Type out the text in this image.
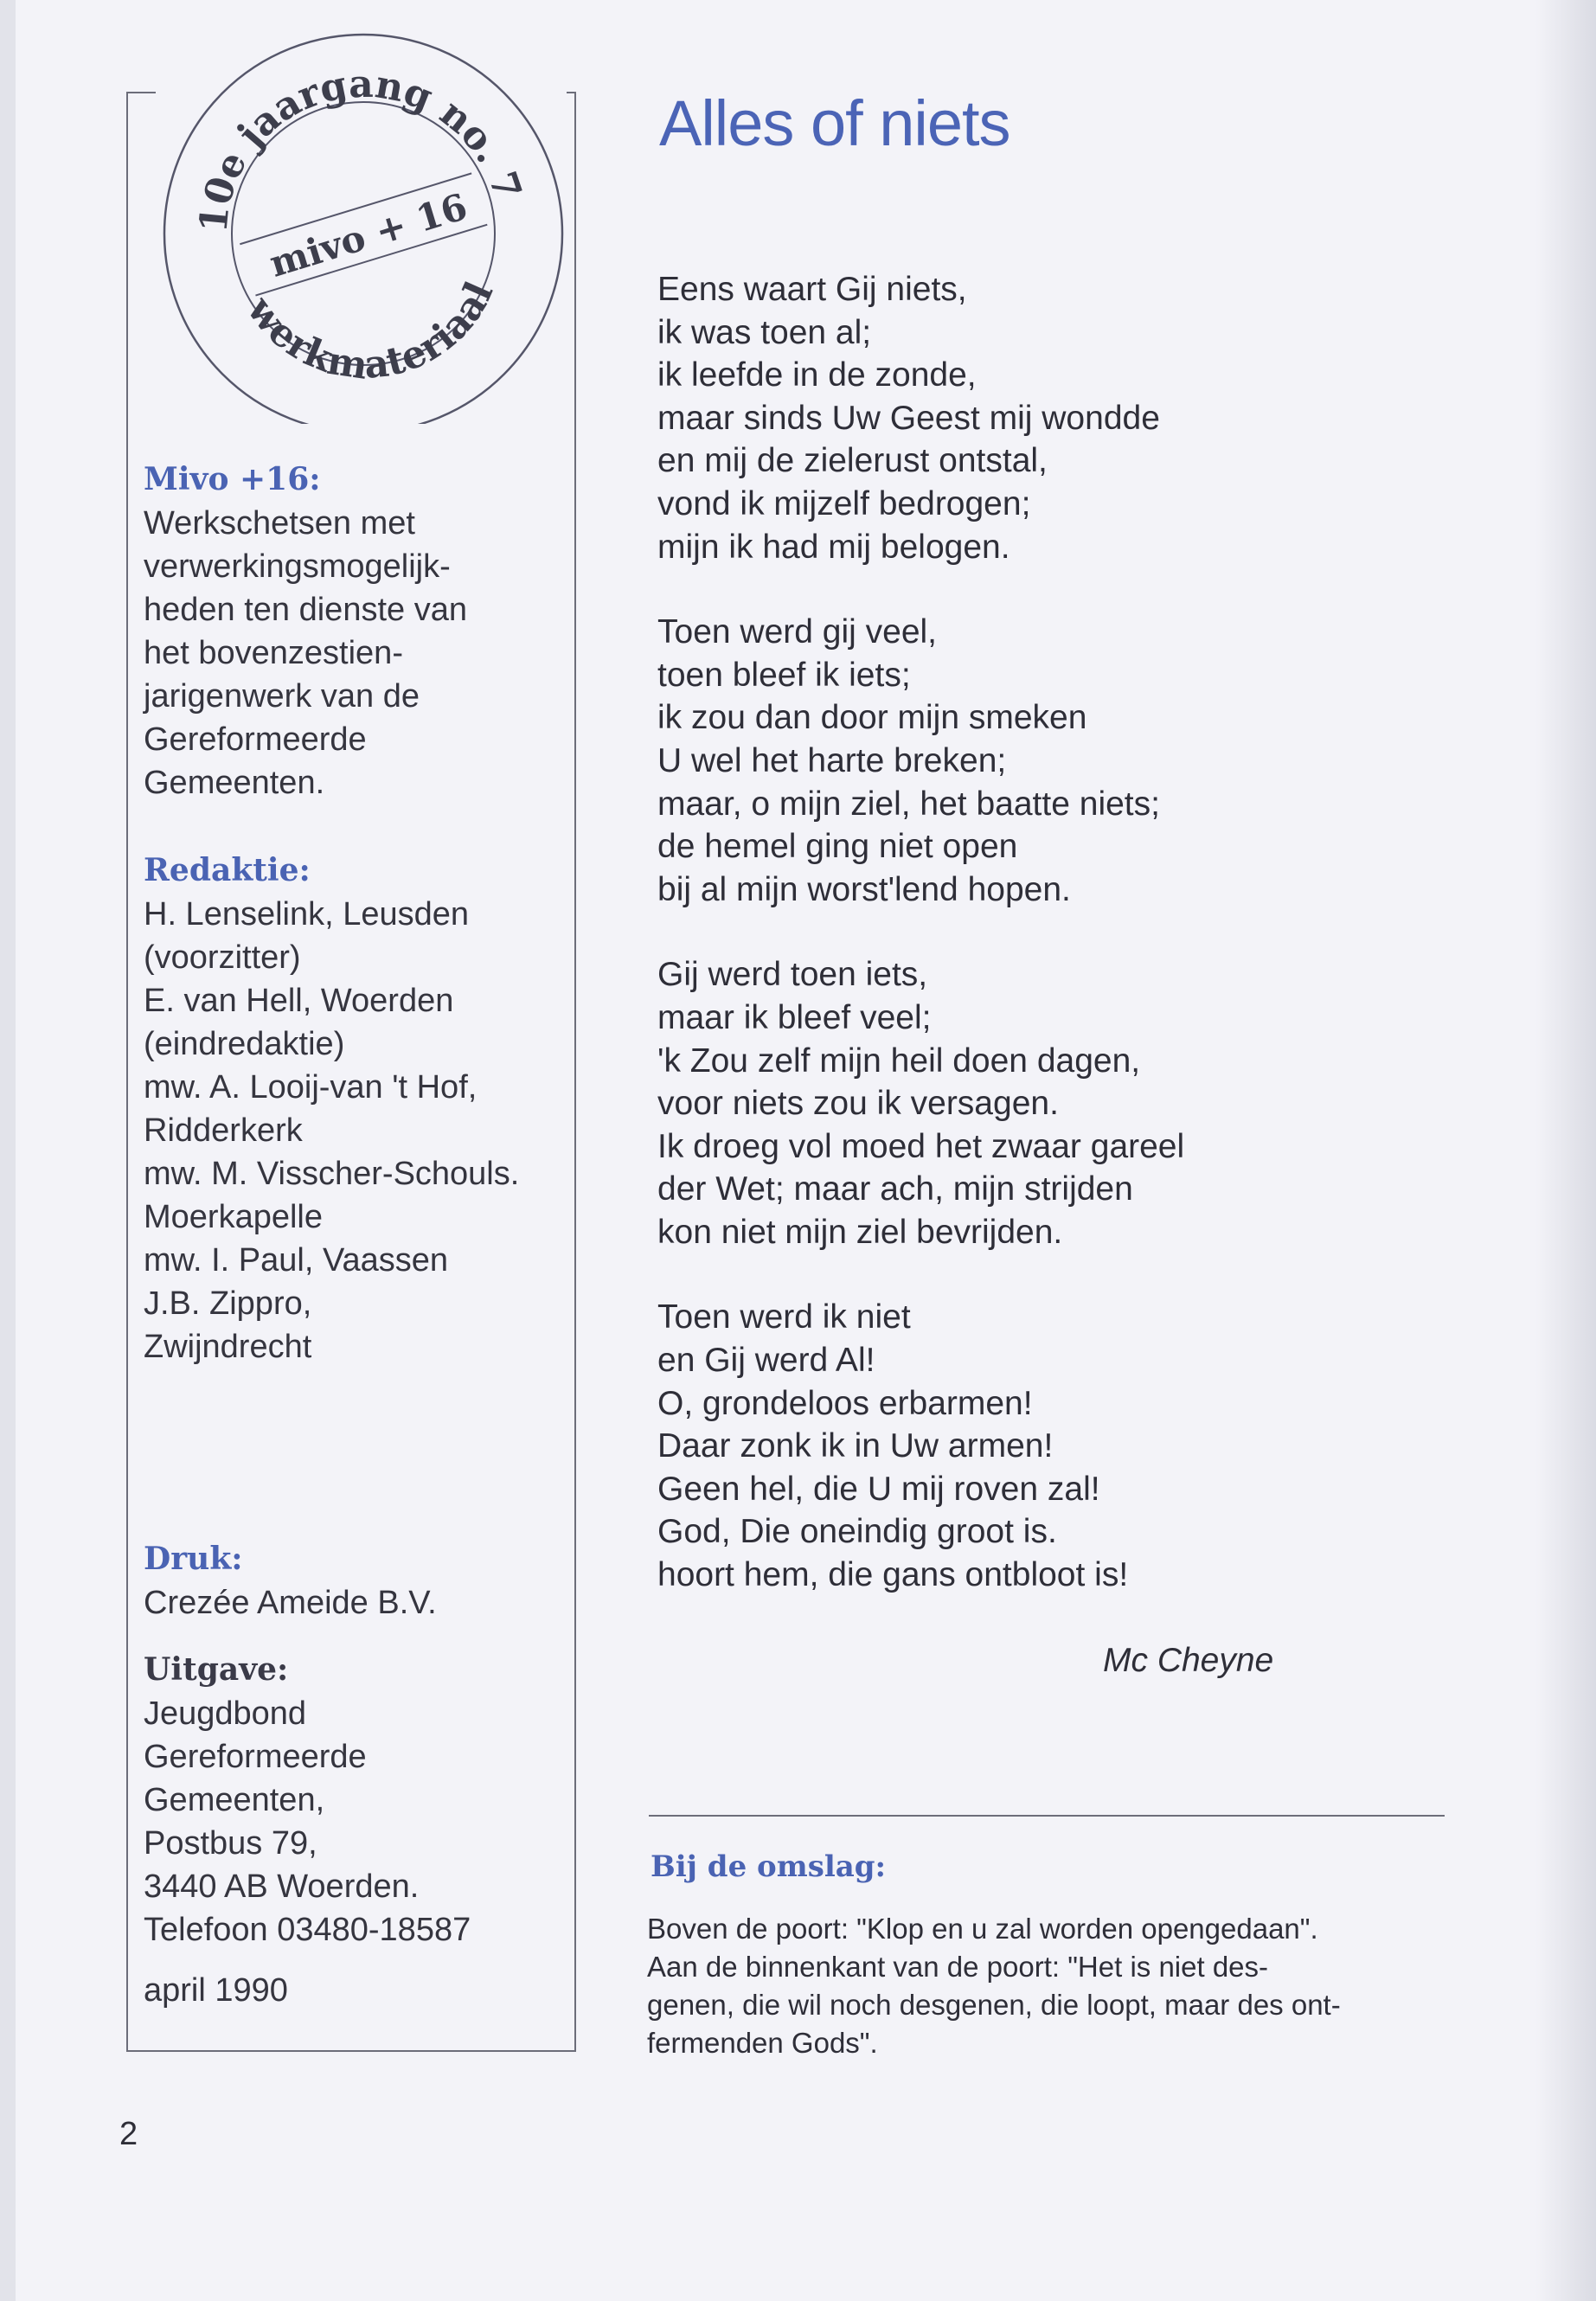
10e jaargang no. 7
werkmateriaal
mivo + 16
Mivo +16:
Werkschetsen met
verwerkingsmogelijk-
heden ten dienste van
het bovenzestien-
jarigenwerk van de
Gereformeerde
Gemeenten.
Redaktie:
H. Lenselink, Leusden
(voorzitter)
E. van Hell, Woerden
(eindredaktie)
mw. A. Looij-van 't Hof,
Ridderkerk
mw. M. Visscher-Schouls.
Moerkapelle
mw. I. Paul, Vaassen
J.B. Zippro,
Zwijndrecht
Druk:
Crezée Ameide B.V.
Uitgave:
Jeugdbond
Gereformeerde
Gemeenten,
Postbus 79,
3440 AB Woerden.
Telefoon 03480-18587
april 1990
Alles of niets
Eens waart Gij niets,
ik was toen al;
ik leefde in de zonde,
maar sinds Uw Geest mij wondde
en mij de zielerust ontstal,
vond ik mijzelf bedrogen;
mijn ik had mij belogen.
Toen werd gij veel,
toen bleef ik iets;
ik zou dan door mijn smeken
U wel het harte breken;
maar, o mijn ziel, het baatte niets;
de hemel ging niet open
bij al mijn worst'lend hopen.
Gij werd toen iets,
maar ik bleef veel;
'k Zou zelf mijn heil doen dagen,
voor niets zou ik versagen.
Ik droeg vol moed het zwaar gareel
der Wet; maar ach, mijn strijden
kon niet mijn ziel bevrijden.
Toen werd ik niet
en Gij werd Al!
O, grondeloos erbarmen!
Daar zonk ik in Uw armen!
Geen hel, die U mij roven zal!
God, Die oneindig groot is.
hoort hem, die gans ontbloot is!
Mc Cheyne
Bij de omslag:
Boven de poort: "Klop en u zal worden opengedaan".
Aan de binnenkant van de poort: "Het is niet des-
genen, die wil noch desgenen, die loopt, maar des ont-
fermenden Gods".
2
